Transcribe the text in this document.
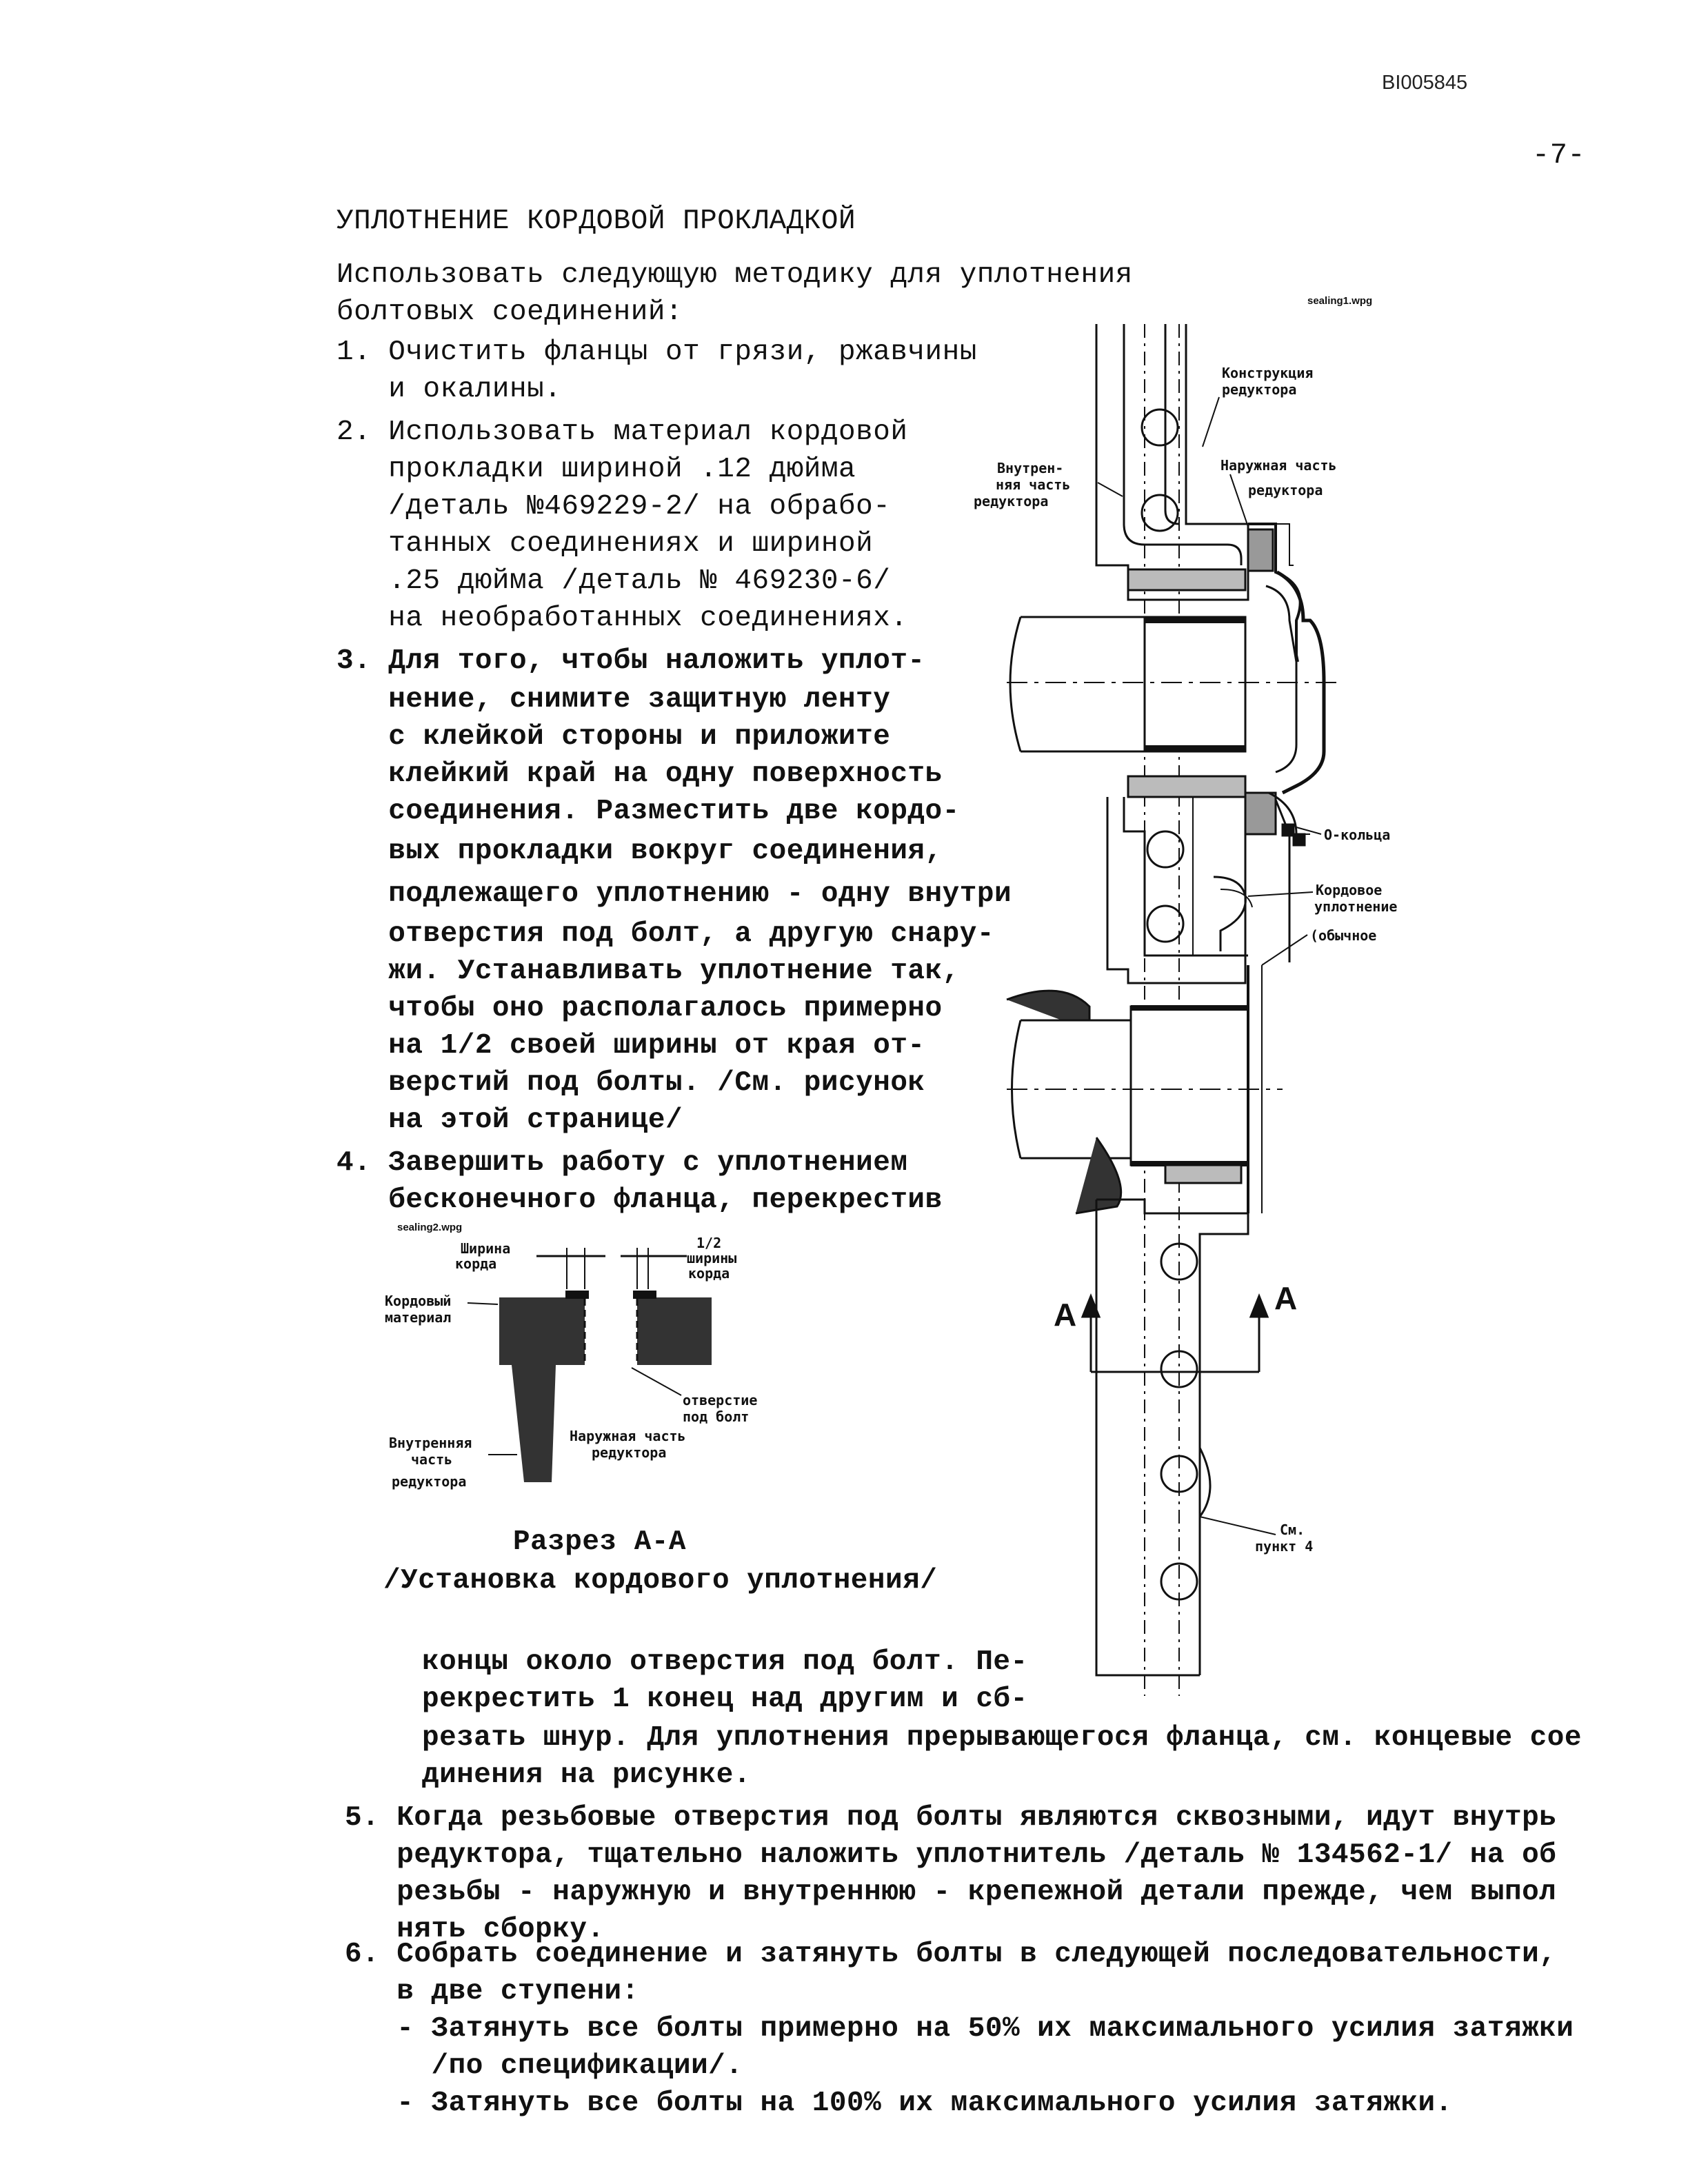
BI005845
-7-
УПЛОТНЕНИЕ КОРДОВОЙ ПРОКЛАДКОЙ
Использовать следующую методику для уплотнения
болтовых соединений:
1. Очистить фланцы от грязи, ржавчины
и окалины.
2. Использовать материал кордовой
прокладки шириной .12 дюйма
/деталь №469229-2/ на обрабо-
танных соединениях и шириной
.25 дюйма /деталь № 469230-6/
на необработанных соединениях.
3. Для того, чтобы наложить уплот-
нение, снимите защитную ленту
с клейкой стороны и приложите
клейкий край на одну поверхность
соединения. Разместить две кордо-
вых прокладки вокруг соединения,
подлежащего уплотнению - одну внутри
отверстия под болт, а другую снару-
жи. Устанавливать уплотнение так,
чтобы оно располагалось примерно
на 1/2 своей ширины от края от-
верстий под болты. /См. рисунок
на этой странице/
4. Завершить работу с уплотнением
бесконечного фланца, перекрестив
sealing2.wpg
Ширина
корда
1/2
ширины
корда
Кордовый
материал
отверстие
под болт
Наружная часть
редуктора
Внутренняя
часть
редуктора
Разрез А-А
/Установка кордового уплотнения/
sealing1.wpg
Конструкция
редуктора
Внутрен-
няя часть
редуктора
Наружная часть
редуктора
О-кольца
Кордовое
уплотнение
(обычное
См.
пункт 4
A	A
концы около отверстия под болт. Пе-
рекрестить 1 конец над другим и сб-
резать шнур. Для уплотнения прерывающегося фланца, см. концевые сое
динения на рисунке.
5. Когда резьбовые отверстия под болты являются сквозными, идут внутрь
редуктора, тщательно наложить уплотнитель /деталь № 134562-1/ на об
резьбы - наружную и внутреннюю - крепежной детали прежде, чем выпол
нять сборку.
6. Собрать соединение и затянуть болты в следующей последовательности,
в две ступени:
- Затянуть все болты примерно на 50% их максимального усилия затяжки
/по спецификации/.
- Затянуть все болты на 100% их максимального усилия затяжки.
